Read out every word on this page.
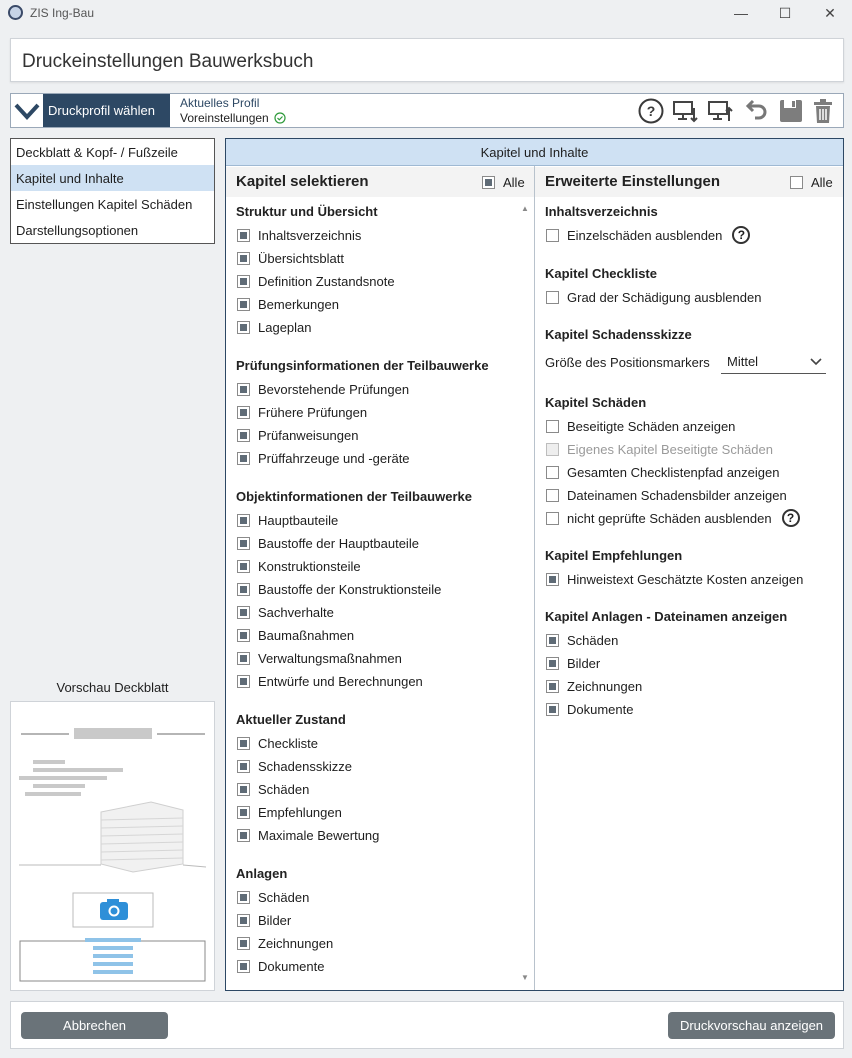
ZIS Ing-Bau	—	☐	✕
Druckeinstellungen Bauwerksbuch
Druckprofil wählen Aktuelles Profil
Voreinstellungen	?
Deckblatt & Kopf- / Fußzeile
Kapitel und Inhalte
Einstellungen Kapitel Schäden
Darstellungsoptionen
Vorschau Deckblatt
Kapitel und Inhalte
Kapitel selektieren	Alle
▲
▼
Struktur und Übersicht
Inhaltsverzeichnis
Übersichtsblatt
Definition Zustandsnote
Bemerkungen
Lageplan
Prüfungsinformationen der Teilbauwerke
Bevorstehende Prüfungen
Frühere Prüfungen
Prüfanweisungen
Prüffahrzeuge und -geräte
Objektinformationen der Teilbauwerke
Hauptbauteile
Baustoffe der Hauptbauteile
Konstruktionsteile
Baustoffe der Konstruktionsteile
Sachverhalte
Baumaßnahmen
Verwaltungsmaßnahmen
Entwürfe und Berechnungen
Aktueller Zustand
Checkliste
Schadensskizze
Schäden
Empfehlungen
Maximale Bewertung
Anlagen
Schäden
Bilder
Zeichnungen
Dokumente
Erweiterte Einstellungen	Alle
Inhaltsverzeichnis
Einzelschäden ausblenden	?
Kapitel Checkliste
Grad der Schädigung ausblenden
Kapitel Schadensskizze
Größe des Positionsmarkers	Mittel
Kapitel Schäden
Beseitigte Schäden anzeigen
Eigenes Kapitel Beseitigte Schäden
Gesamten Checklistenpfad anzeigen
Dateinamen Schadensbilder anzeigen
nicht geprüfte Schäden ausblenden	?
Kapitel Empfehlungen
Hinweistext Geschätzte Kosten anzeigen
Kapitel Anlagen - Dateinamen anzeigen
Schäden
Bilder
Zeichnungen
Dokumente
Abbrechen	Druckvorschau anzeigen
